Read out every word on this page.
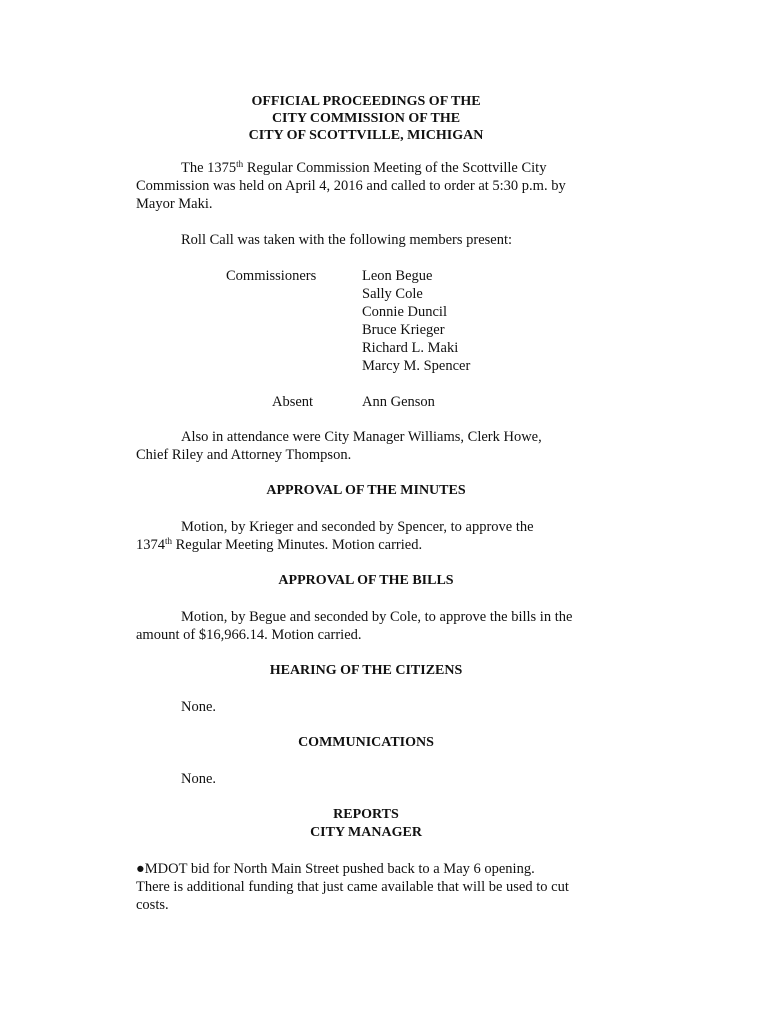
OFFICIAL PROCEEDINGS OF THE
CITY COMMISSION OF THE
CITY OF SCOTTVILLE, MICHIGAN
The 1375th Regular Commission Meeting of the Scottville City
Commission was held on April 4, 2016 and called to order at 5:30 p.m. by
Mayor Maki.
Roll Call was taken with the following members present:
Commissioners	Leon Begue
Sally Cole
Connie Duncil
Bruce Krieger
Richard L. Maki
Marcy M. Spencer
Absent	Ann Genson
Also in attendance were City Manager Williams, Clerk Howe,
Chief Riley and Attorney Thompson.
APPROVAL OF THE MINUTES
Motion, by Krieger and seconded by Spencer, to approve the
1374th Regular Meeting Minutes. Motion carried.
APPROVAL OF THE BILLS
Motion, by Begue and seconded by Cole, to approve the bills in the
amount of $16,966.14. Motion carried.
HEARING OF THE CITIZENS
None.
COMMUNICATIONS
None.
REPORTS
CITY MANAGER
●MDOT bid for North Main Street pushed back to a May 6 opening.
There is additional funding that just came available that will be used to cut
costs.
